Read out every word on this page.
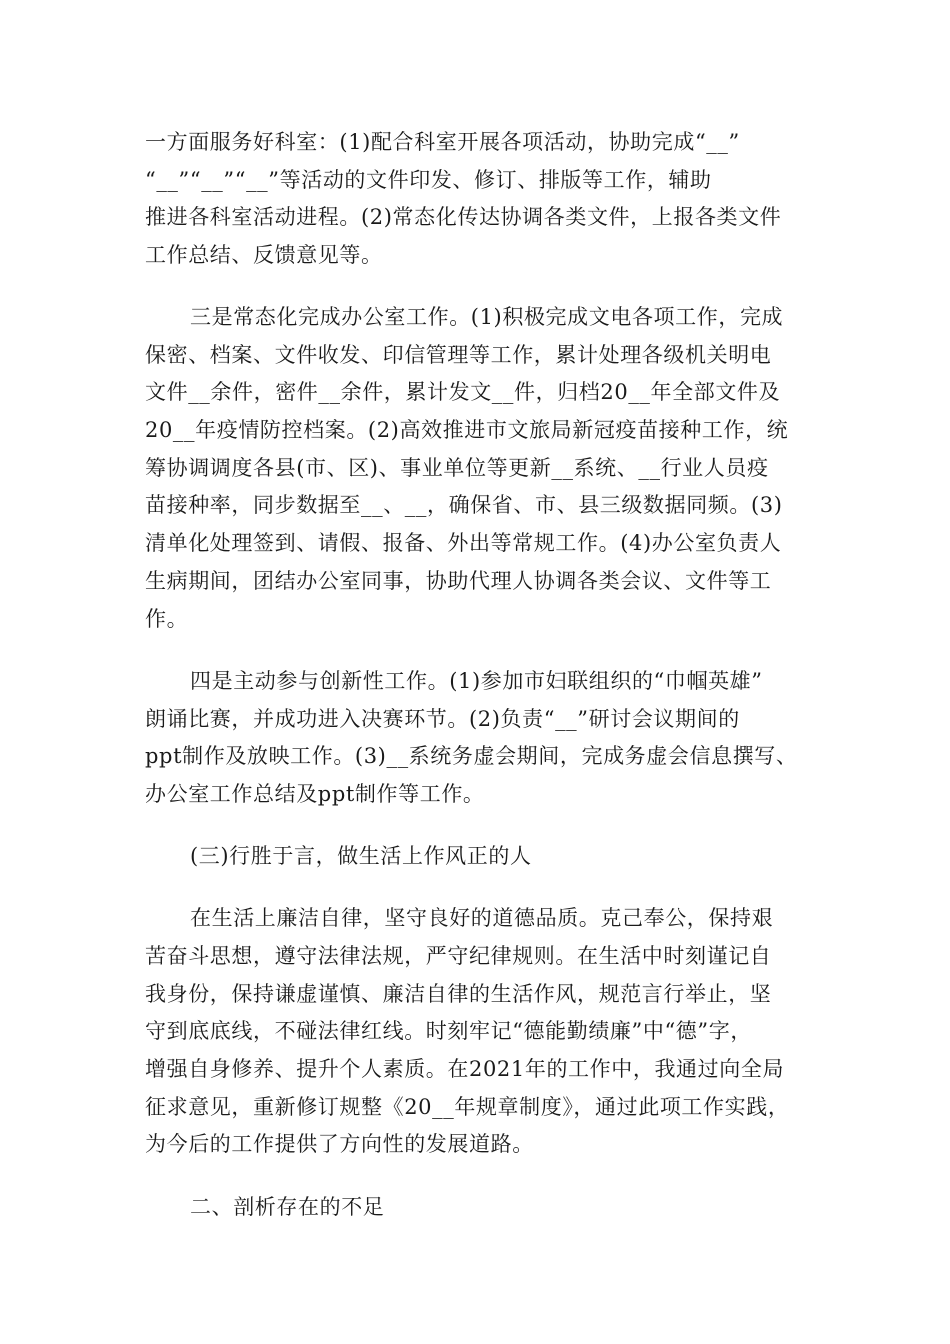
一方面服务好科室：(1)配合科室开展各项活动，协助完成“__”
“__”“__”“__”等活动的文件印发、修订、排版等工作，辅助
推进各科室活动进程。(2)常态化传达协调各类文件，上报各类文件
工作总结、反馈意见等。
三是常态化完成办公室工作。(1)积极完成文电各项工作，完成
保密、档案、文件收发、印信管理等工作，累计处理各级机关明电
文件__余件，密件__余件，累计发文__件，归档20__年全部文件及
20__年疫情防控档案。(2)高效推进市文旅局新冠疫苗接种工作，统
筹协调调度各县(市、区)、事业单位等更新__系统、__行业人员疫
苗接种率，同步数据至__、__，确保省、市、县三级数据同频。(3)
清单化处理签到、请假、报备、外出等常规工作。(4)办公室负责人
生病期间，团结办公室同事，协助代理人协调各类会议、文件等工
作。
四是主动参与创新性工作。(1)参加市妇联组织的“巾帼英雄”
朗诵比赛，并成功进入决赛环节。(2)负责“__”研讨会议期间的
ppt制作及放映工作。(3)__系统务虚会期间，完成务虚会信息撰写、
办公室工作总结及ppt制作等工作。
(三)行胜于言，做生活上作风正的人
在生活上廉洁自律，坚守良好的道德品质。克己奉公，保持艰
苦奋斗思想，遵守法律法规，严守纪律规则。在生活中时刻谨记自
我身份，保持谦虚谨慎、廉洁自律的生活作风，规范言行举止，坚
守到底底线，不碰法律红线。时刻牢记“德能勤绩廉”中“德”字，
增强自身修养、提升个人素质。在2021年的工作中，我通过向全局
征求意见，重新修订规整《20__年规章制度》，通过此项工作实践，
为今后的工作提供了方向性的发展道路。
二、剖析存在的不足
